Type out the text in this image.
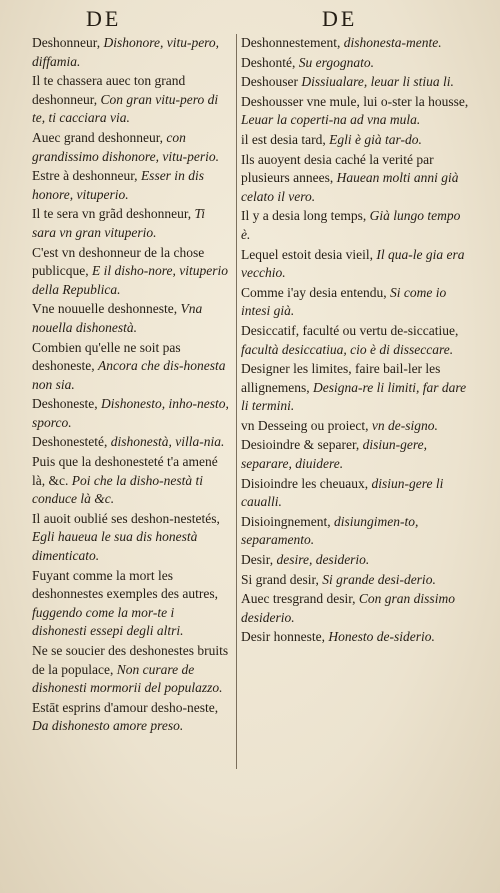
DE	DE
Deshonneur, Dishonore, vitu-pero, diffamia.
Il te chassera auec ton grand deshonneur, Con gran vitu-pero di te, ti cacciara via.
Auec grand deshonneur, con grandissimo dishonore, vitu-perio.
Estre à deshonneur, Esser in dis honore, vituperio.
Il te sera vn grãd deshonneur, Ti sara vn gran vituperio.
C'est vn deshonneur de la chose publicque, E il disho-nore, vituperio della Republica.
Vne nouuelle deshonneste, Vna nouella dishonestà.
Combien qu'elle ne soit pas deshoneste, Ancora che dis-honesta non sia.
Deshoneste, Dishonesto, inho-nesto, sporco.
Deshonesteté, dishonestà, villa-nia.
Puis que la deshonesteté t'a amené là, &c. Poi che la disho-nestà ti conduce là &c.
Il auoit oublié ses deshon-nestetés, Egli haueua le sua dis honestà dimenticato.
Fuyant comme la mort les deshonnestes exemples des autres, fuggendo come la mor-te i dishonesti essepi degli altri.
Ne se soucier des deshonestes bruits de la populace, Non curare de dishonesti mormorii del populazzo.
Estāt esprins d'amour desho-neste, Da dishonesto amore preso.
Deshonnestement, dishonesta-mente.
Deshonté, Su ergognato.
Deshouser Dissiualare, leuar li stiua li.
Deshousser vne mule, lui o-ster la housse, Leuar la coperti-na ad vna mula.
il est desia tard, Egli è già tar-do.
Ils auoyent desia caché la verité par plusieurs annees, Hauean molti anni già celato il vero.
Il y a desia long temps, Già lungo tempo è.
Lequel estoit desia vieil, Il qua-le gia era vecchio.
Comme i'ay desia entendu, Si come io intesi già.
Desiccatif, faculté ou vertu de-siccatiue, facultà desiccatiua, cio è di disseccare.
Designer les limites, faire bail-ler les allignemens, Designa-re li limiti, far dare li termini.
vn Desseing ou proiect, vn de-signo.
Desioindre & separer, disiun-gere, separare, diuidere.
Disioindre les cheuaux, disiun-gere li caualli.
Disioingnement, disiungimen-to, separamento.
Desir, desire, desiderio.
Si grand desir, Si grande desi-derio.
Auec tresgrand desir, Con gran dissimo desiderio.
Desir honneste, Honesto de-siderio.
